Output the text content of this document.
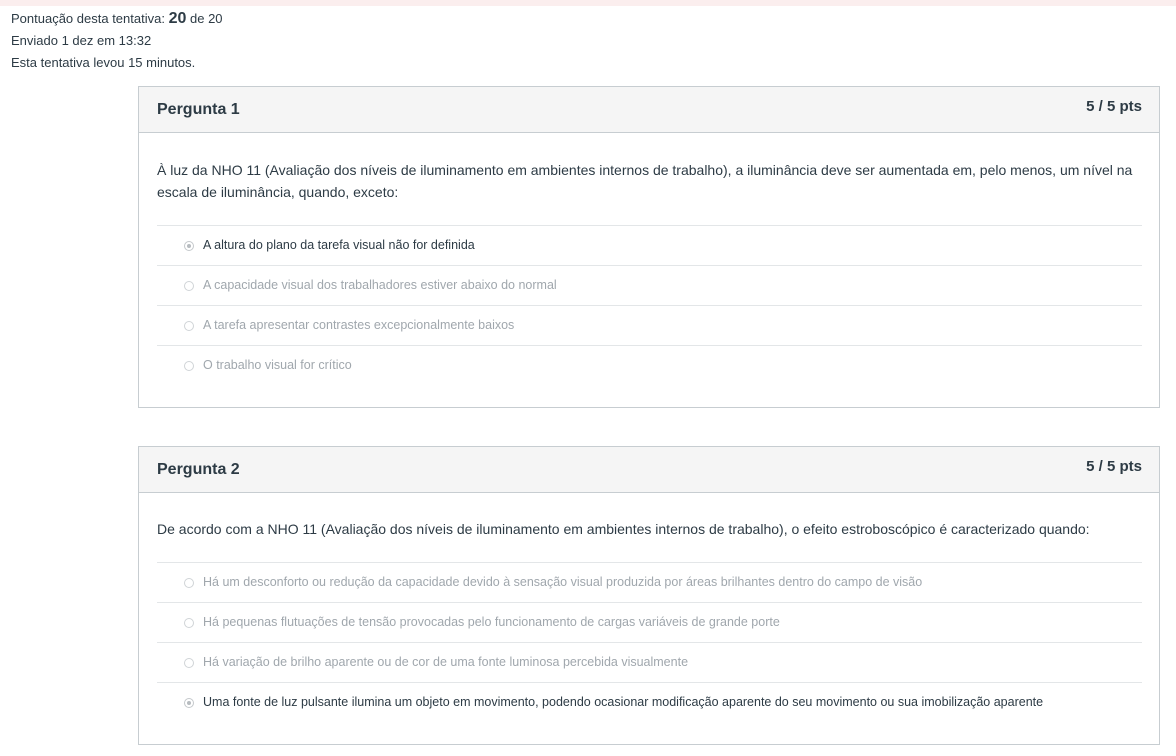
Pontuação desta tentativa: 20 de 20
Enviado 1 dez em 13:32
Esta tentativa levou 15 minutos.
Pergunta 1	5 / 5 pts
À luz da NHO 11 (Avaliação dos níveis de iluminamento em ambientes internos de trabalho), a iluminância deve ser aumentada em, pelo menos, um nível na escala de iluminância, quando, exceto:
A altura do plano da tarefa visual não for definida
A capacidade visual dos trabalhadores estiver abaixo do normal
A tarefa apresentar contrastes excepcionalmente baixos
O trabalho visual for crítico
Pergunta 2	5 / 5 pts
De acordo com a NHO 11 (Avaliação dos níveis de iluminamento em ambientes internos de trabalho), o efeito estroboscópico é caracterizado quando:
Há um desconforto ou redução da capacidade devido à sensação visual produzida por áreas brilhantes dentro do campo de visão
Há pequenas flutuações de tensão provocadas pelo funcionamento de cargas variáveis de grande porte
Há variação de brilho aparente ou de cor de uma fonte luminosa percebida visualmente
Uma fonte de luz pulsante ilumina um objeto em movimento, podendo ocasionar modificação aparente do seu movimento ou sua imobilização aparente
